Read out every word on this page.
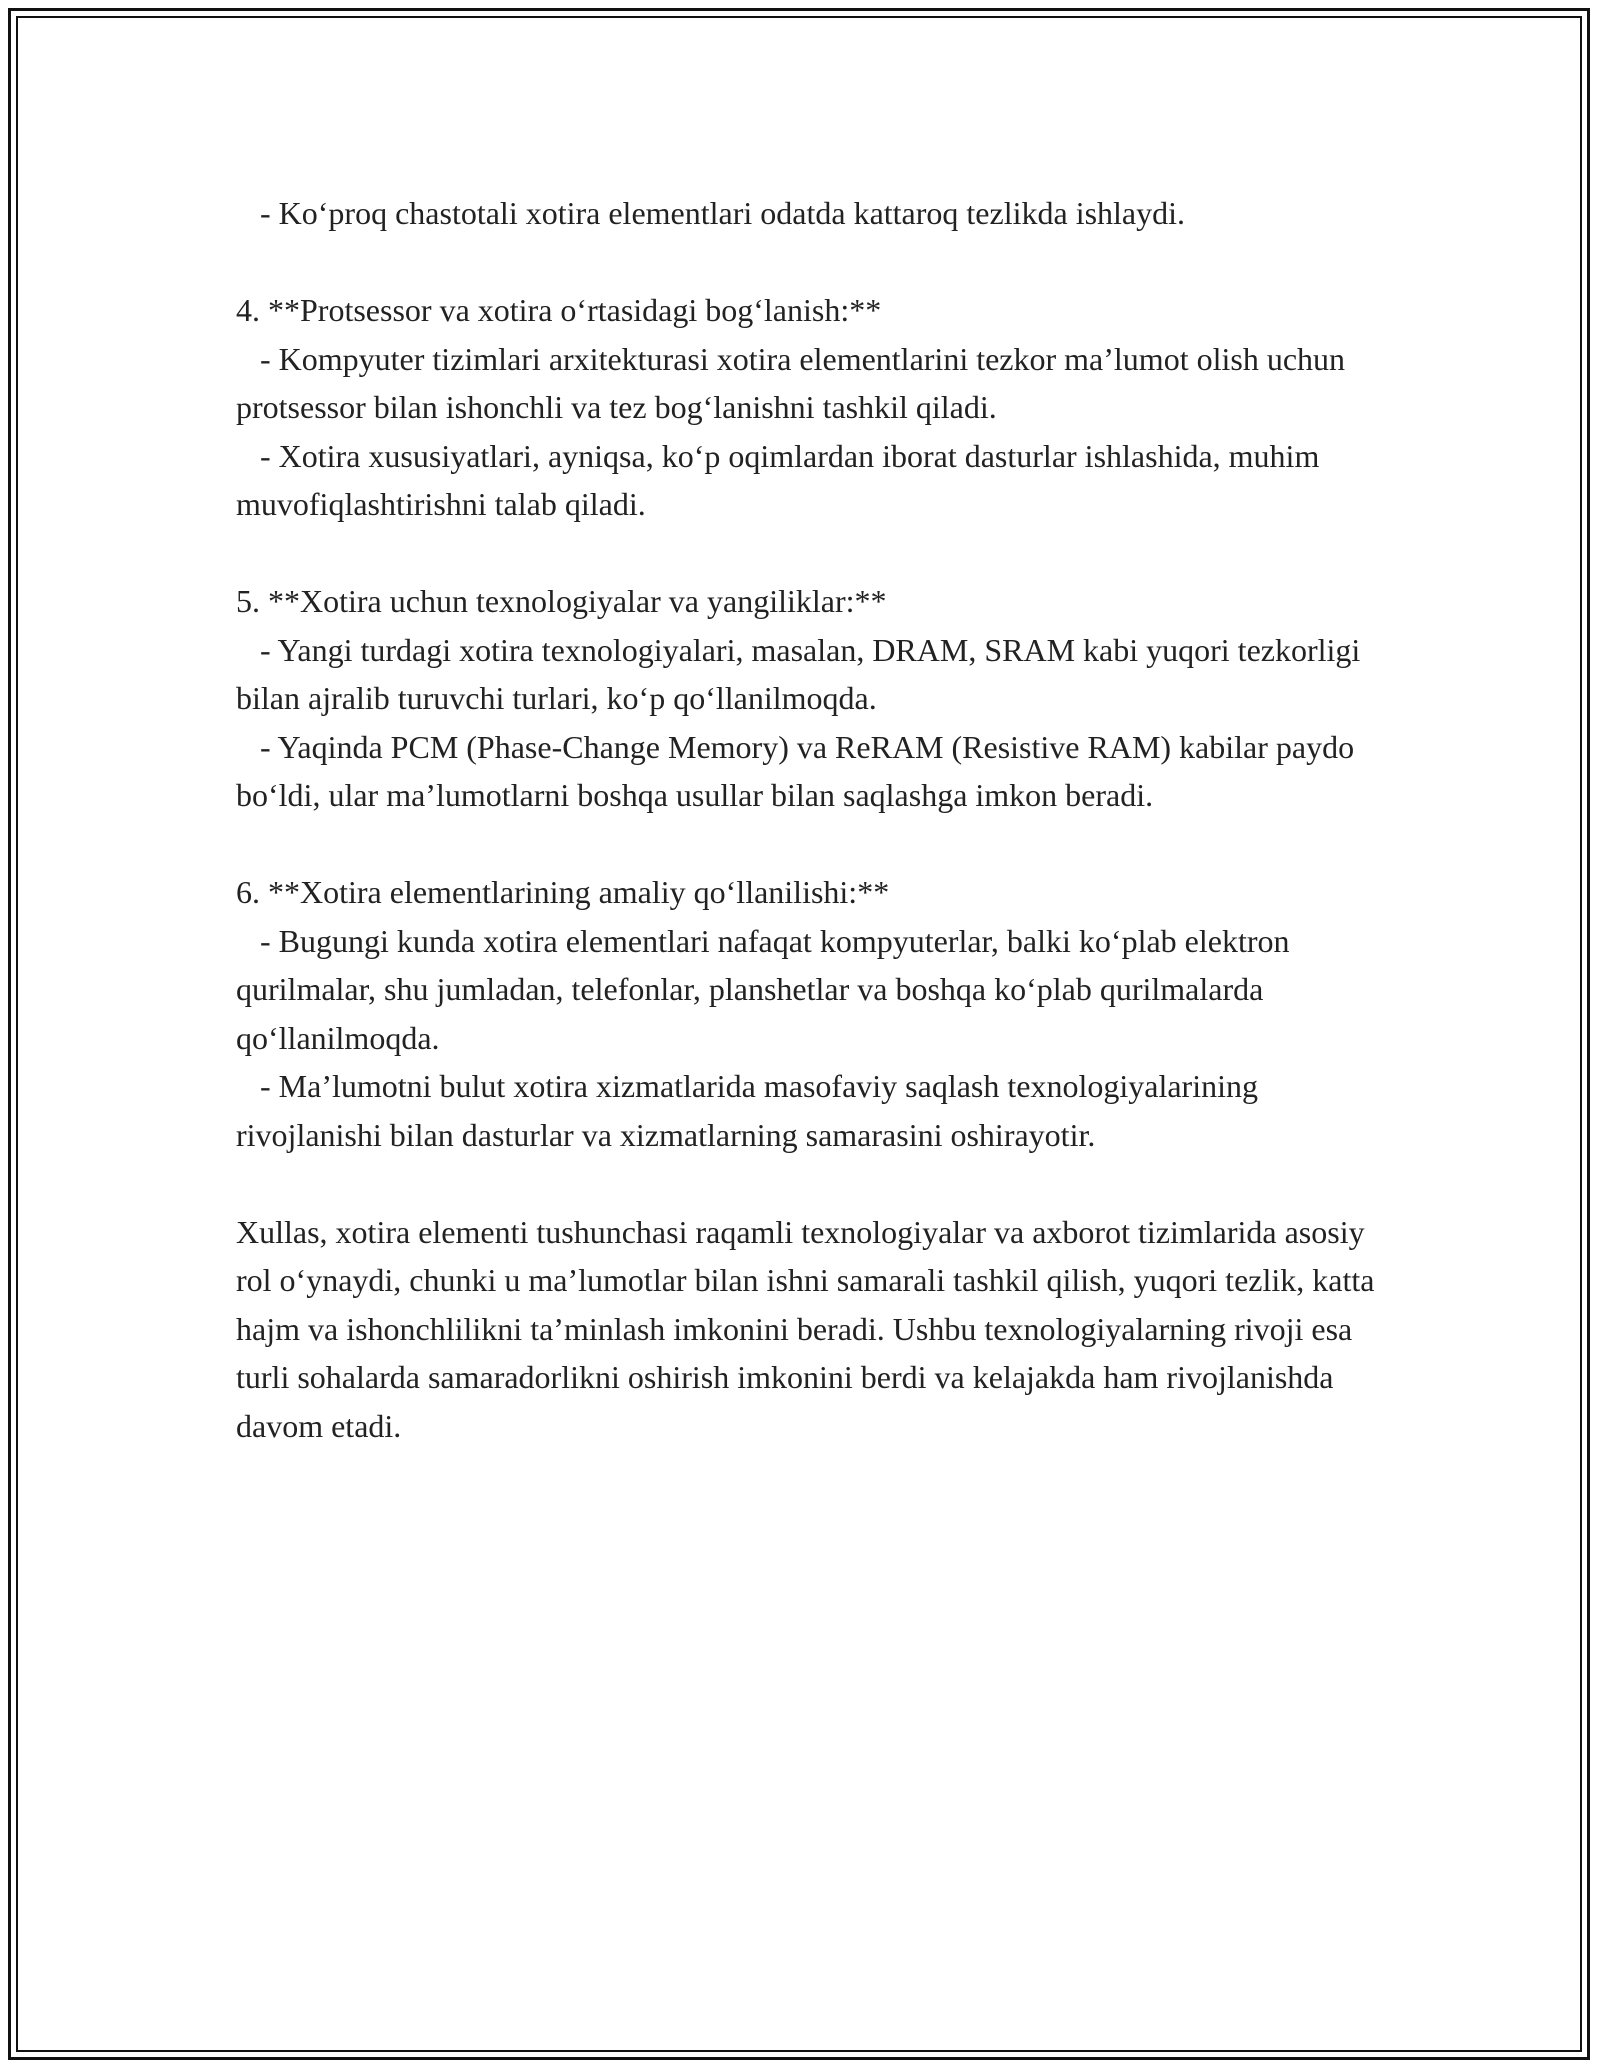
- Ko‘proq chastotali xotira elementlari odatda kattaroq tezlikda ishlaydi.

4. **Protsessor va xotira o‘rtasidagi bog‘lanish:**

- Kompyuter tizimlari arxitekturasi xotira elementlarini tezkor ma’lumot olish uchun protsessor bilan ishonchli va tez bog‘lanishni tashkil qiladi.

- Xotira xususiyatlari, ayniqsa, ko‘p oqimlardan iborat dasturlar ishlashida, muhim muvofiqlashtirishni talab qiladi.

5. **Xotira uchun texnologiyalar va yangiliklar:**

- Yangi turdagi xotira texnologiyalari, masalan, DRAM, SRAM kabi yuqori tezkorligi bilan ajralib turuvchi turlari, ko‘p qo‘llanilmoqda.

- Yaqinda PCM (Phase-Change Memory) va ReRAM (Resistive RAM) kabilar paydo bo‘ldi, ular ma’lumotlarni boshqa usullar bilan saqlashga imkon beradi.

6. **Xotira elementlarining amaliy qo‘llanilishi:**

- Bugungi kunda xotira elementlari nafaqat kompyuterlar, balki ko‘plab elektron qurilmalar, shu jumladan, telefonlar, planshetlar va boshqa ko‘plab qurilmalarda qo‘llanilmoqda.

- Ma’lumotni bulut xotira xizmatlarida masofaviy saqlash texnologiyalarining rivojlanishi bilan dasturlar va xizmatlarning samarasini oshirayotir.

Xullas, xotira elementi tushunchasi raqamli texnologiyalar va axborot tizimlarida asosiy rol o‘ynaydi, chunki u ma’lumotlar bilan ishni samarali tashkil qilish, yuqori tezlik, katta hajm va ishonchlilikni ta’minlash imkonini beradi. Ushbu texnologiyalarning rivoji esa turli sohalarda samaradorlikni oshirish imkonini berdi va kelajakda ham rivojlanishda davom etadi.
